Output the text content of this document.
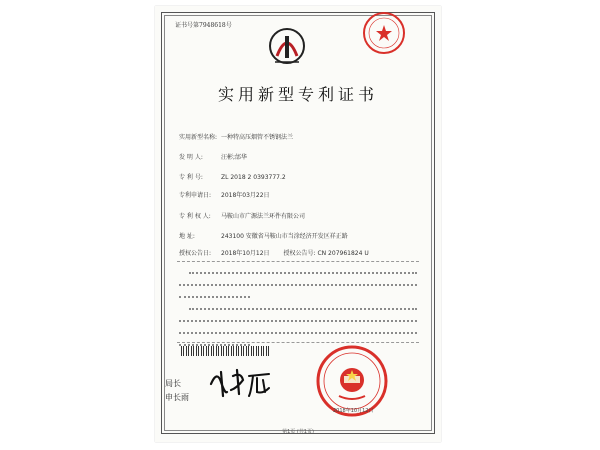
证书号第7948618号
实用新型专利证书
实用新型名称: 一种特高压烟管不锈钢法兰
发 明 人:	汪彬;邰华
专 利 号:	ZL 2018 2 0393777.2
专利申请日: 2018年03月22日
专 利 权 人: 马鞍山市广源法兰环件有限公司
地 址:	243100 安徽省马鞍山市当涂经济开发区祥正路
授权公告日: 2018年10月12日 授权公告号: CN 207961824 U
局长
申长雨
2018年10月12日
第1页 (共1页)
